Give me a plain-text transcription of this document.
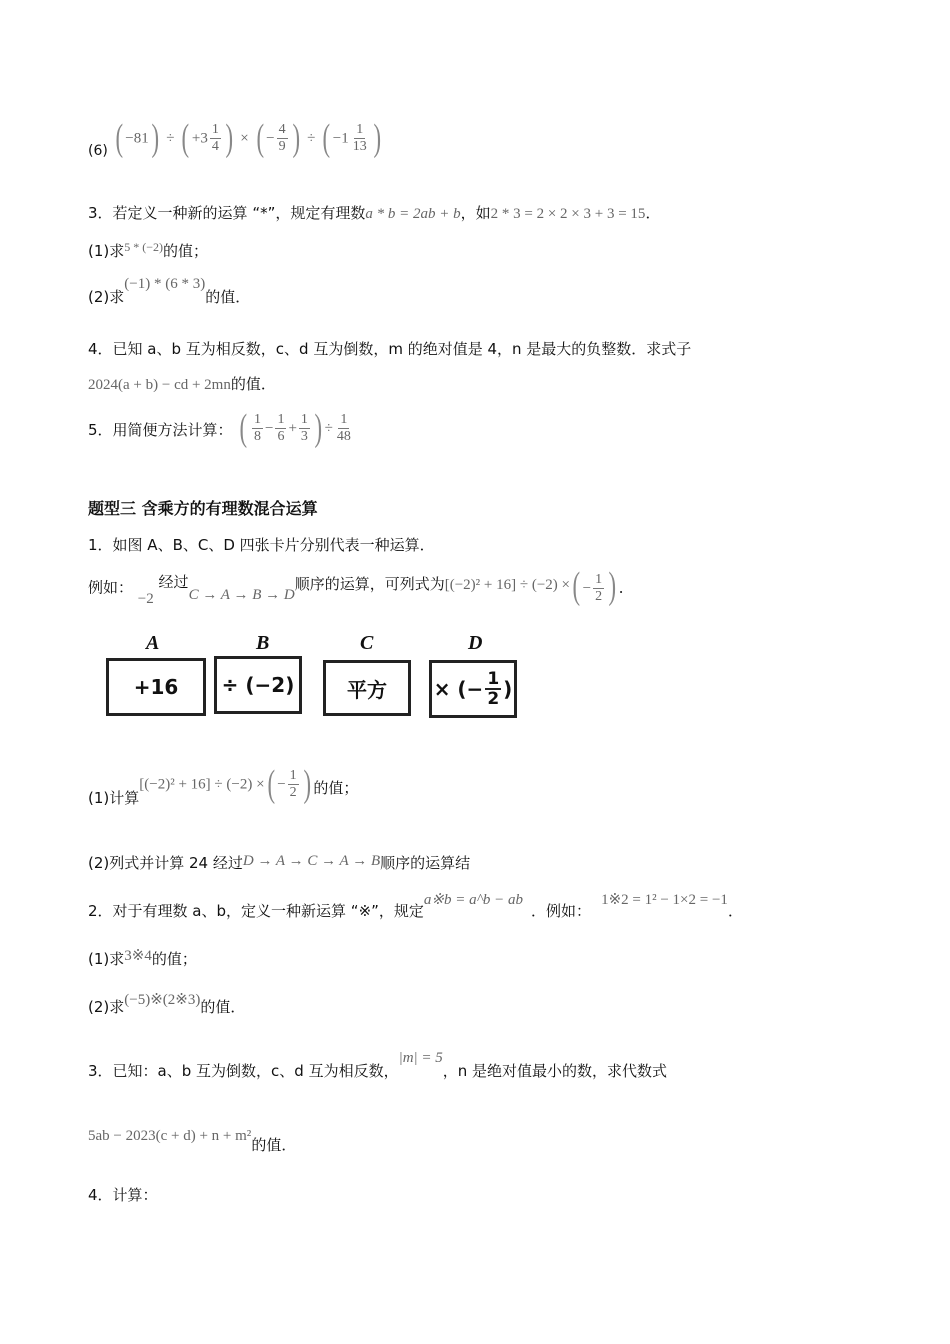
(6) ( −81) ÷ ( $+3 \frac{1}{4}$ ) × ( − $\frac{4}{9}$ ) ÷ ( $-1 \frac{1}{13}$ )
3．若定义一种新的运算 “*”，规定有理数a * b = 2ab + b，如2 * 3 = 2 × 2 × 3 + 3 = 15．
(1)求$^{5 * (-2)}$的值；
(2)求(−1) * (6 * 3)的值．
4．已知 a、b 互为相反数，c、d 互为倒数，m 的绝对值是 4，n 是最大的负整数．求式子
2024(a + b) − cd + 2mn的值．
5．用简便方法计算： ( $\frac{1}{8} - \frac{1}{6} + \frac{1}{3}$ ) ÷ $\frac{1}{48}$
题型三 含乘方的有理数混合运算
1．如图 A、B、C、D 四张卡片分别代表一种运算．
例如： −2 经过C → A → B → D顺序的运算，可列式为[(−2)² + 16] ÷ (−2) ×( − $\frac{1}{2}$ ) ．
A
+16
B
÷ (−2)
C
平方
D
× (− $\frac{1}{2}$ )
(1)计算[(−2)² + 16] ÷ (−2) ×( − $\frac{1}{2}$ ) 的值；
(2)列式并计算 24 经过D → A → C → A → B顺序的运算结
2．对于有理数 a、b，定义一种新运算 “※”，规定a※b = a^b − ab．例如：1※2 = 1² − 1×2 = −1．
(1)求3※4的值；
(2)求(−5)※(2※3)的值．
3．已知：a、b 互为倒数，c、d 互为相反数，|m| = 5，n 是绝对值最小的数，求代数式
5ab − 2023(c + d) + n + m²的值．
4．计算：
